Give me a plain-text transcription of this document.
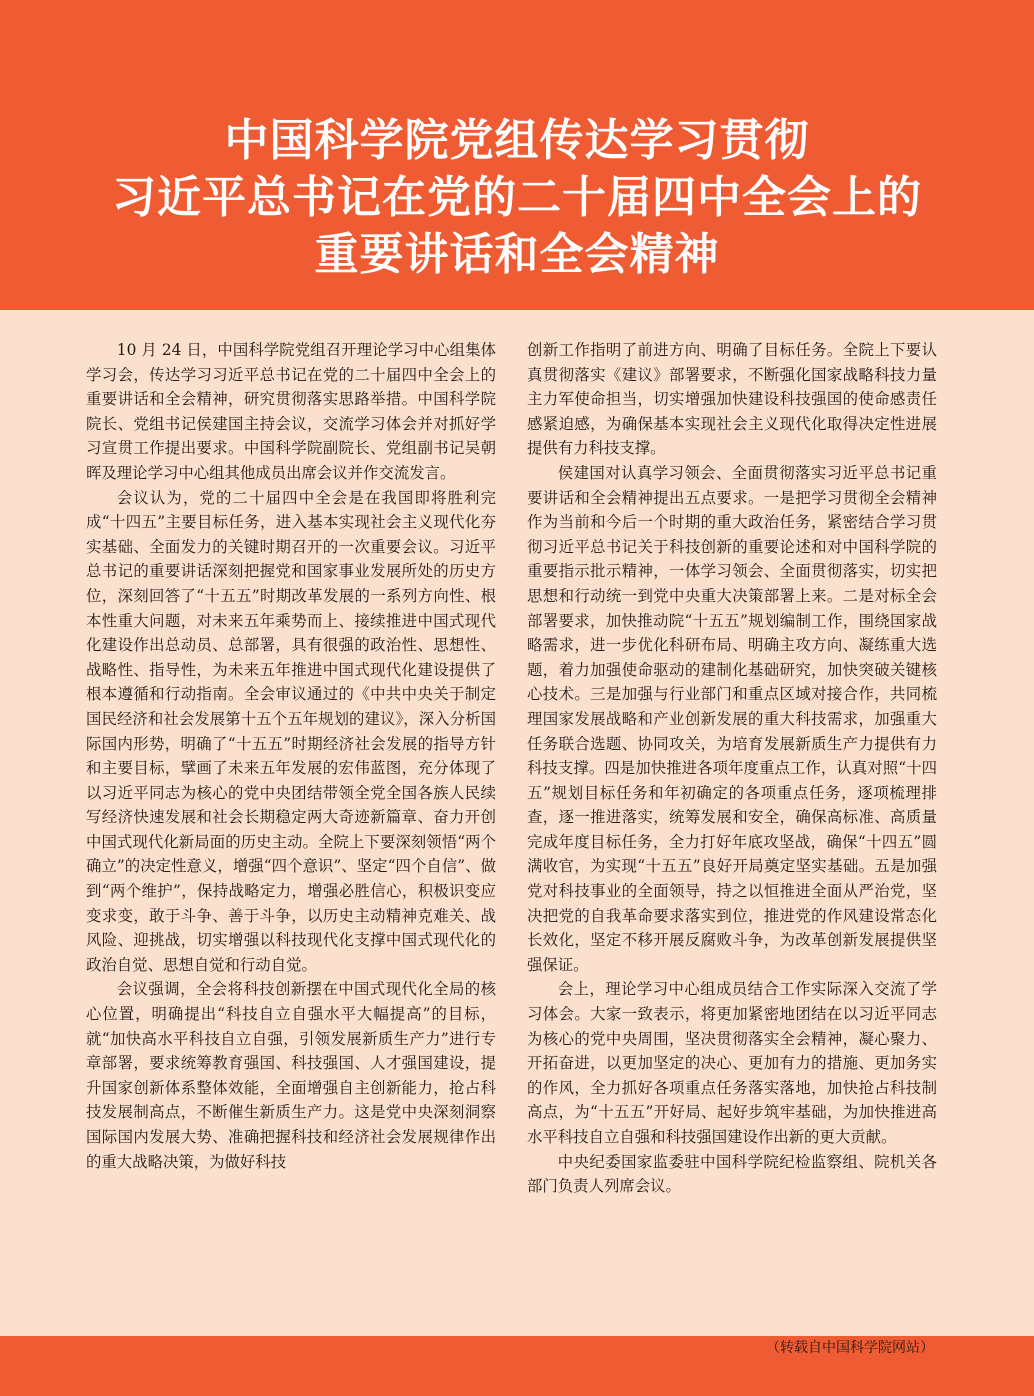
中国科学院党组传达学习贯彻
习近平总书记在党的二十届四中全会上的
重要讲话和全会精神

10 月 24 日，中国科学院党组召开理论学习中心组集体学习会，传达学习习近平总书记在党的二十届四中全会上的重要讲话和全会精神，研究贯彻落实思路举措。中国科学院院长、党组书记侯建国主持会议，交流学习体会并对抓好学习宣贯工作提出要求。中国科学院副院长、党组副书记吴朝晖及理论学习中心组其他成员出席会议并作交流发言。

会议认为，党的二十届四中全会是在我国即将胜利完成“十四五”主要目标任务，进入基本实现社会主义现代化夯实基础、全面发力的关键时期召开的一次重要会议。习近平总书记的重要讲话深刻把握党和国家事业发展所处的历史方位，深刻回答了“十五五”时期改革发展的一系列方向性、根本性重大问题，对未来五年乘势而上、接续推进中国式现代化建设作出总动员、总部署，具有很强的政治性、思想性、战略性、指导性，为未来五年推进中国式现代化建设提供了根本遵循和行动指南。全会审议通过的《中共中央关于制定国民经济和社会发展第十五个五年规划的建议》，深入分析国际国内形势，明确了“十五五”时期经济社会发展的指导方针和主要目标，擘画了未来五年发展的宏伟蓝图，充分体现了以习近平同志为核心的党中央团结带领全党全国各族人民续写经济快速发展和社会长期稳定两大奇迹新篇章、奋力开创中国式现代化新局面的历史主动。全院上下要深刻领悟“两个确立”的决定性意义，增强“四个意识”、坚定“四个自信”、做到“两个维护”，保持战略定力，增强必胜信心，积极识变应变求变，敢于斗争、善于斗争，以历史主动精神克难关、战风险、迎挑战，切实增强以科技现代化支撑中国式现代化的政治自觉、思想自觉和行动自觉。

会议强调，全会将科技创新摆在中国式现代化全局的核心位置，明确提出“科技自立自强水平大幅提高”的目标，就“加快高水平科技自立自强，引领发展新质生产力”进行专章部署，要求统筹教育强国、科技强国、人才强国建设，提升国家创新体系整体效能，全面增强自主创新能力，抢占科技发展制高点，不断催生新质生产力。这是党中央深刻洞察国际国内发展大势、准确把握科技和经济社会发展规律作出的重大战略决策，为做好科技

创新工作指明了前进方向、明确了目标任务。全院上下要认真贯彻落实《建议》部署要求，不断强化国家战略科技力量主力军使命担当，切实增强加快建设科技强国的使命感责任感紧迫感，为确保基本实现社会主义现代化取得决定性进展提供有力科技支撑。

侯建国对认真学习领会、全面贯彻落实习近平总书记重要讲话和全会精神提出五点要求。一是把学习贯彻全会精神作为当前和今后一个时期的重大政治任务，紧密结合学习贯彻习近平总书记关于科技创新的重要论述和对中国科学院的重要指示批示精神，一体学习领会、全面贯彻落实，切实把思想和行动统一到党中央重大决策部署上来。二是对标全会部署要求，加快推动院“十五五”规划编制工作，围绕国家战略需求，进一步优化科研布局、明确主攻方向、凝练重大选题，着力加强使命驱动的建制化基础研究，加快突破关键核心技术。三是加强与行业部门和重点区域对接合作，共同梳理国家发展战略和产业创新发展的重大科技需求，加强重大任务联合选题、协同攻关，为培育发展新质生产力提供有力科技支撑。四是加快推进各项年度重点工作，认真对照“十四五”规划目标任务和年初确定的各项重点任务，逐项梳理排查，逐一推进落实，统筹发展和安全，确保高标准、高质量完成年度目标任务，全力打好年底攻坚战，确保“十四五”圆满收官，为实现“十五五”良好开局奠定坚实基础。五是加强党对科技事业的全面领导，持之以恒推进全面从严治党，坚决把党的自我革命要求落实到位，推进党的作风建设常态化长效化，坚定不移开展反腐败斗争，为改革创新发展提供坚强保证。

会上，理论学习中心组成员结合工作实际深入交流了学习体会。大家一致表示，将更加紧密地团结在以习近平同志为核心的党中央周围，坚决贯彻落实全会精神，凝心聚力、开拓奋进，以更加坚定的决心、更加有力的措施、更加务实的作风，全力抓好各项重点任务落实落地，加快抢占科技制高点，为“十五五”开好局、起好步筑牢基础，为加快推进高水平科技自立自强和科技强国建设作出新的更大贡献。

中央纪委国家监委驻中国科学院纪检监察组、院机关各部门负责人列席会议。

（转载自中国科学院网站）
